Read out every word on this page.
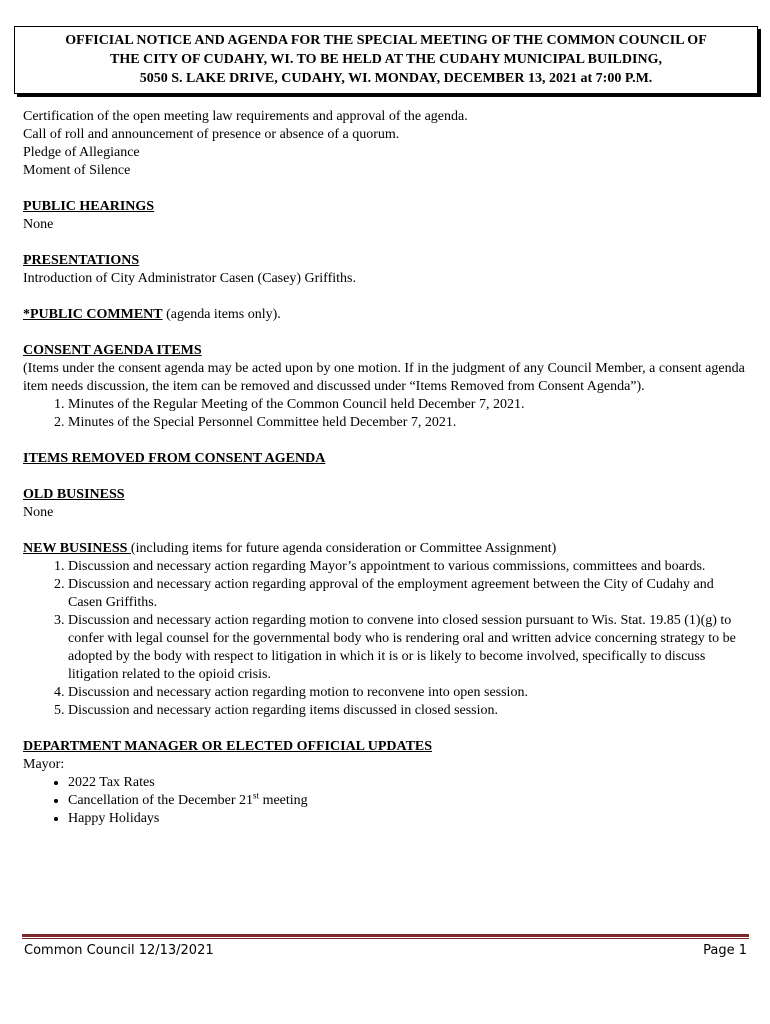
OFFICIAL NOTICE AND AGENDA FOR THE SPECIAL MEETING OF THE COMMON COUNCIL OF
THE CITY OF CUDAHY, WI. TO BE HELD AT THE CUDAHY MUNICIPAL BUILDING,
5050 S. LAKE DRIVE, CUDAHY, WI. MONDAY, DECEMBER 13, 2021 at 7:00 P.M.

Certification of the open meeting law requirements and approval of the agenda.

Call of roll and announcement of presence or absence of a quorum.

Pledge of Allegiance

Moment of Silence

PUBLIC HEARINGS

None

PRESENTATIONS

Introduction of City Administrator Casen (Casey) Griffiths.

*PUBLIC COMMENT (agenda items only).

CONSENT AGENDA ITEMS

(Items under the consent agenda may be acted upon by one motion. If in the judgment of any Council Member, a consent agenda item needs discussion, the item can be removed and discussed under “Items Removed from Consent Agenda”).

1. Minutes of the Regular Meeting of the Common Council held December 7, 2021.
2. Minutes of the Special Personnel Committee held December 7, 2021.

ITEMS REMOVED FROM CONSENT AGENDA

OLD BUSINESS

None

NEW BUSINESS (including items for future agenda consideration or Committee Assignment)

1. Discussion and necessary action regarding Mayor’s appointment to various commissions, committees and boards.
2. Discussion and necessary action regarding approval of the employment agreement between the City of Cudahy and Casen Griffiths.
3. Discussion and necessary action regarding motion to convene into closed session pursuant to Wis. Stat. 19.85 (1)(g) to confer with legal counsel for the governmental body who is rendering oral and written advice concerning strategy to be adopted by the body with respect to litigation in which it is or is likely to become involved, specifically to discuss litigation related to the opioid crisis.
4. Discussion and necessary action regarding motion to reconvene into open session.
5. Discussion and necessary action regarding items discussed in closed session.

DEPARTMENT MANAGER OR ELECTED OFFICIAL UPDATES

Mayor:

• 2022 Tax Rates
• Cancellation of the December 21st meeting
• Happy Holidays
Common Council 12/13/2021	Page 1
